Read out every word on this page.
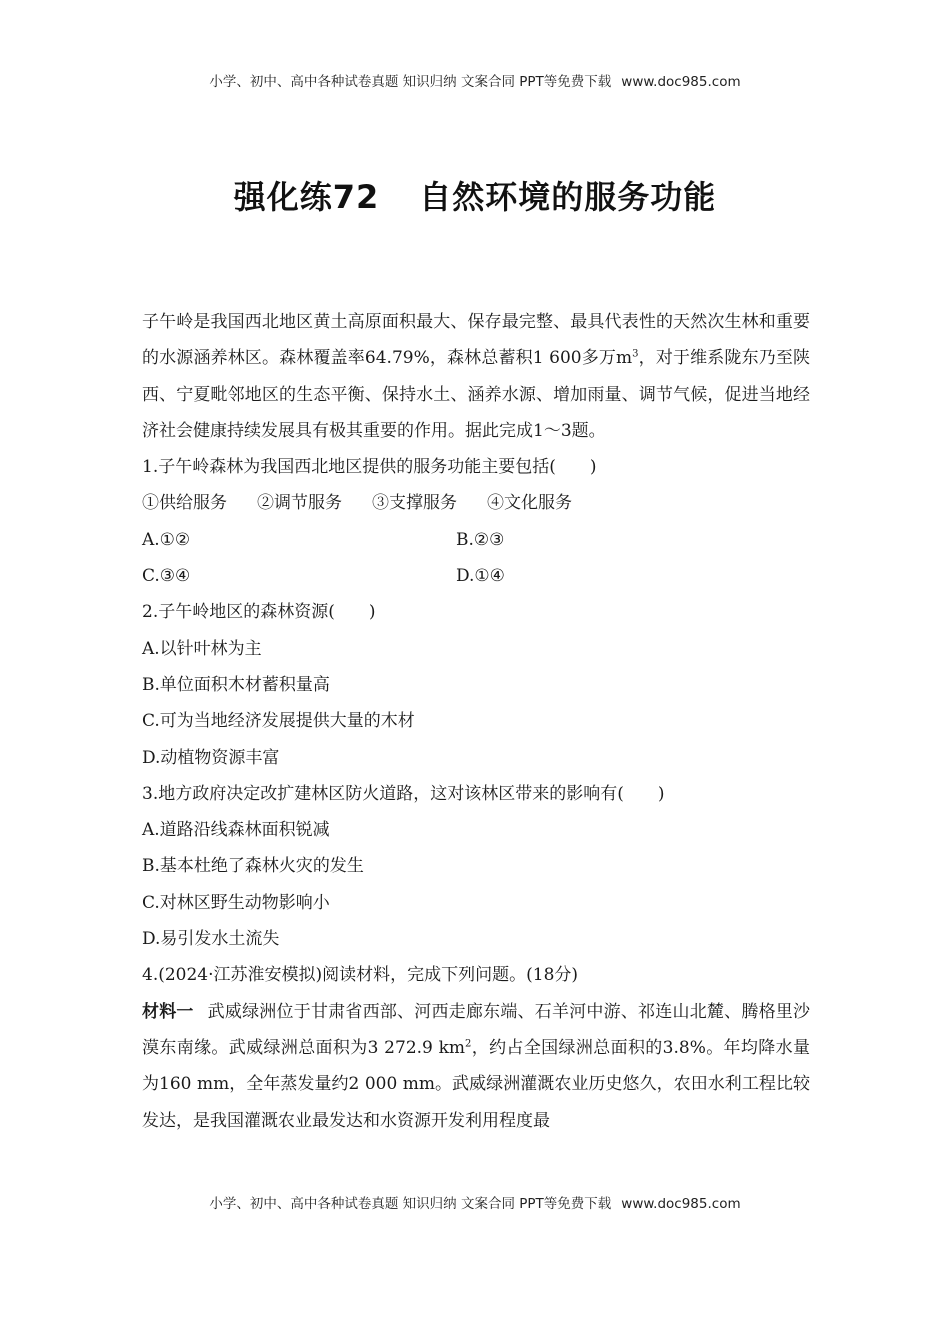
小学、初中、高中各种试卷真题 知识归纳 文案合同 PPT等免费下载 www.doc985.com
强化练72 自然环境的服务功能

子午岭是我国西北地区黄土高原面积最大、保存最完整、最具代表性的天然次生林和重要的水源涵养林区。森林覆盖率64.79%，森林总蓄积1 600多万$m^3$，对于维系陇东乃至陕西、宁夏毗邻地区的生态平衡、保持水土、涵养水源、增加雨量、调节气候，促进当地经济社会健康持续发展具有极其重要的作用。据此完成1～3题。

1.子午岭森林为我国西北地区提供的服务功能主要包括(　　)

①供给服务 ②调节服务 ③支撑服务 ④文化服务

A.①②	B.②③

C.③④	D.①④

2.子午岭地区的森林资源(　　)

A.以针叶林为主

B.单位面积木材蓄积量高

C.可为当地经济发展提供大量的木材

D.动植物资源丰富

3.地方政府决定改扩建林区防火道路，这对该林区带来的影响有(　　)

A.道路沿线森林面积锐减

B.基本杜绝了森林火灾的发生

C.对林区野生动物影响小

D.易引发水土流失

4.(2024·江苏淮安模拟)阅读材料，完成下列问题。(18分)

材料一 武威绿洲位于甘肃省西部、河西走廊东端、石羊河中游、祁连山北麓、腾格里沙漠东南缘。武威绿洲总面积为3 272.9 $km^2$，约占全国绿洲总面积的3.8%。年均降水量为160 mm，全年蒸发量约2 000 mm。武威绿洲灌溉农业历史悠久，农田水利工程比较发达，是我国灌溉农业最发达和水资源开发利用程度最

小学、初中、高中各种试卷真题 知识归纳 文案合同 PPT等免费下载 www.doc985.com
